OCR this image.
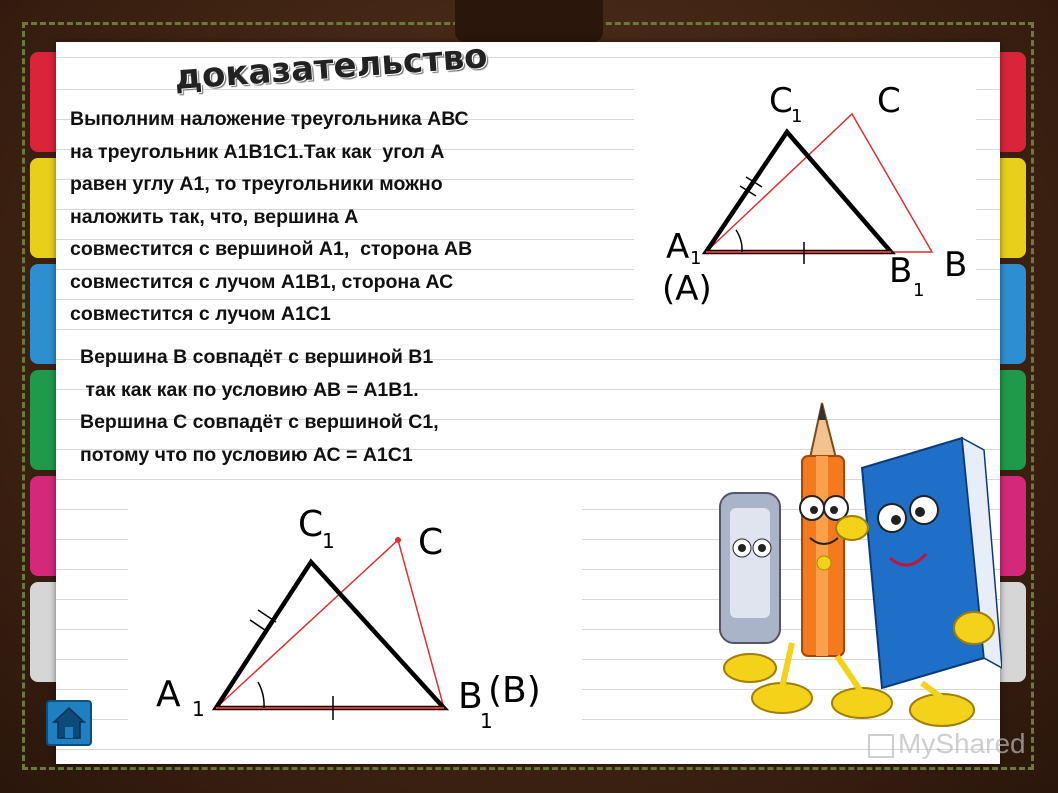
доказательство
Выполним наложение треугольника АВС
на треугольник А1В1С1.Так как  угол А
равен углу А1, то треугольники можно
наложить так, что, вершина А
совместится с вершиной А1,  сторона АВ
совместится с лучом А1В1, сторона АС
совместится с лучом А1С1
Вершина В совпадёт с вершиной В1
так как как по условию АВ = А1В1.
Вершина С совпадёт с вершиной С1,
потому что по условию АС = А1С1
C
1 C
A 1
(A)	B 1
B
C
1 C
A 1	B
1
(B)
MyShared
